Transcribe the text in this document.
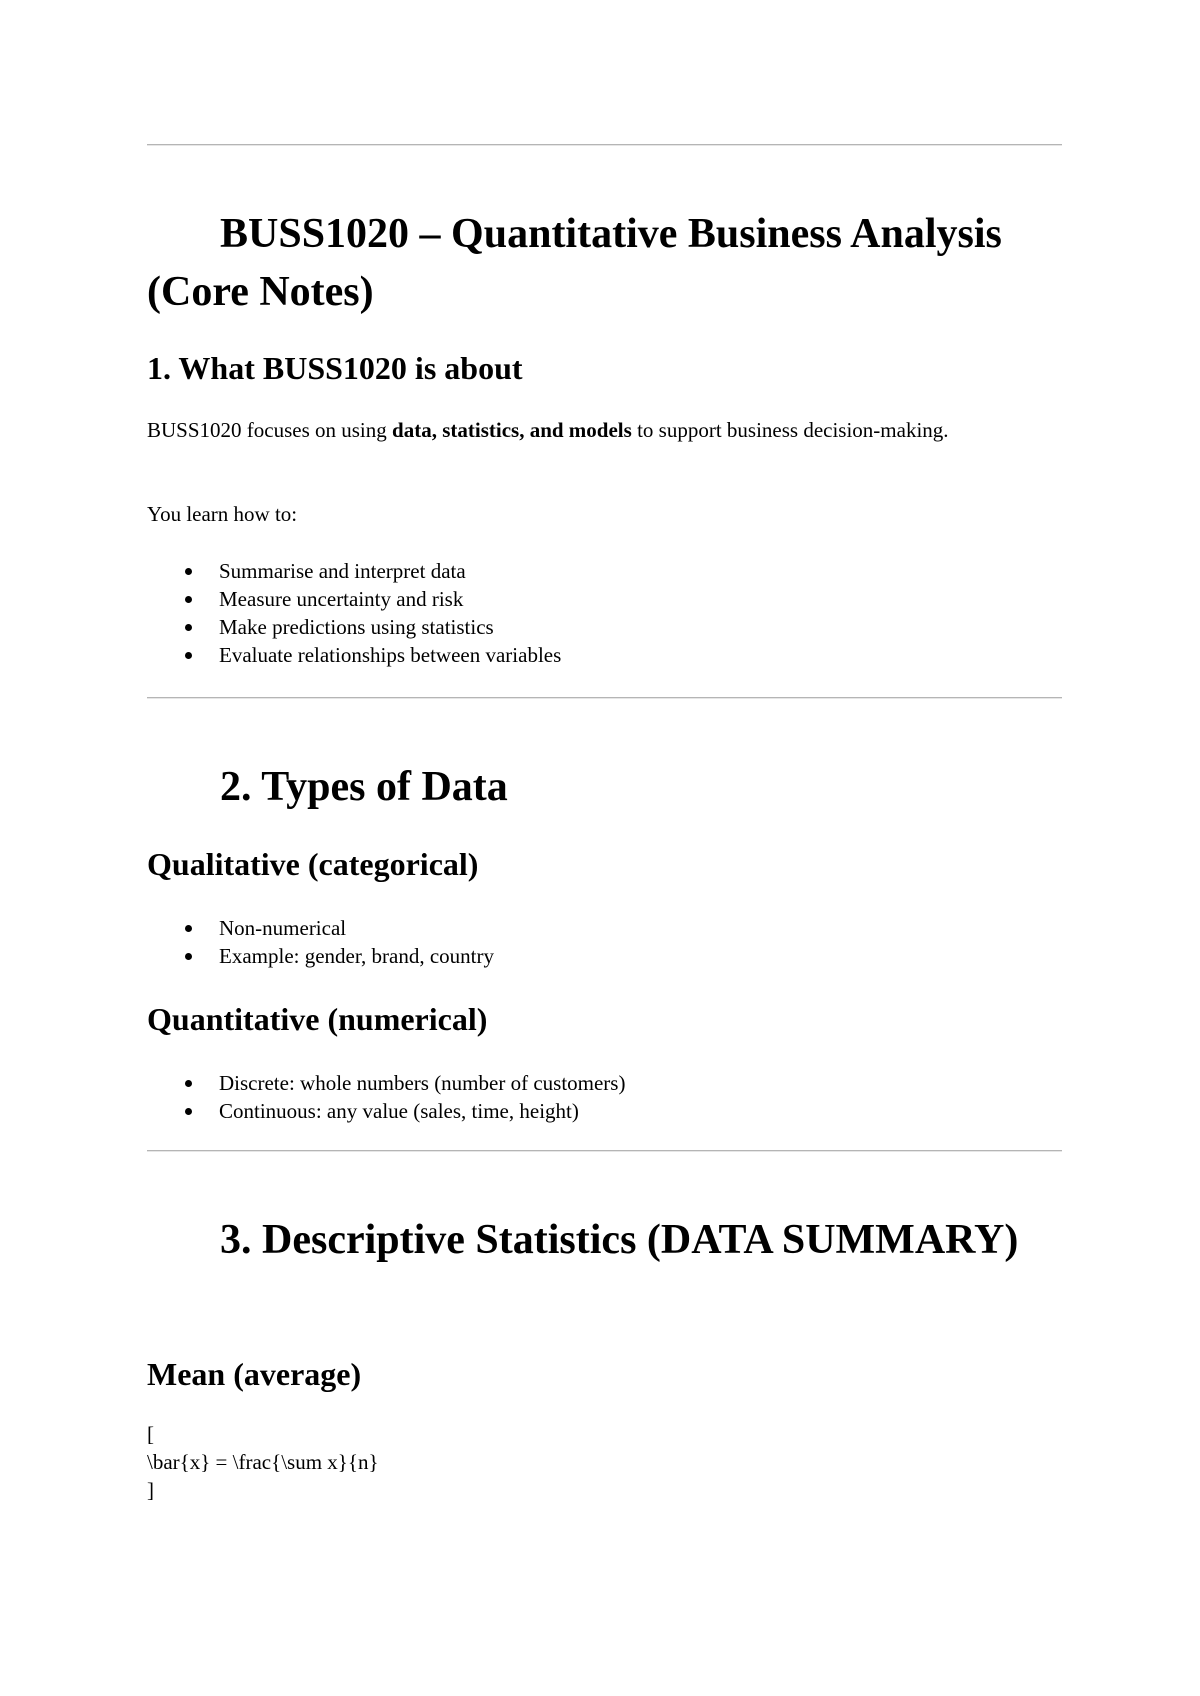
BUSS1020 – Quantitative Business Analysis (Core Notes)
1. What BUSS1020 is about

BUSS1020 focuses on using data, statistics, and models to support business decision-making.

You learn how to:

Summarise and interpret data
Measure uncertainty and risk
Make predictions using statistics
Evaluate relationships between variables
2. Types of Data
Qualitative (categorical)
Non-numerical
Example: gender, brand, country
Quantitative (numerical)
Discrete: whole numbers (number of customers)
Continuous: any value (sales, time, height)
3. Descriptive Statistics (DATA SUMMARY)
Mean (average)
[
\bar{x} = \frac{\sum x}{n}
]
